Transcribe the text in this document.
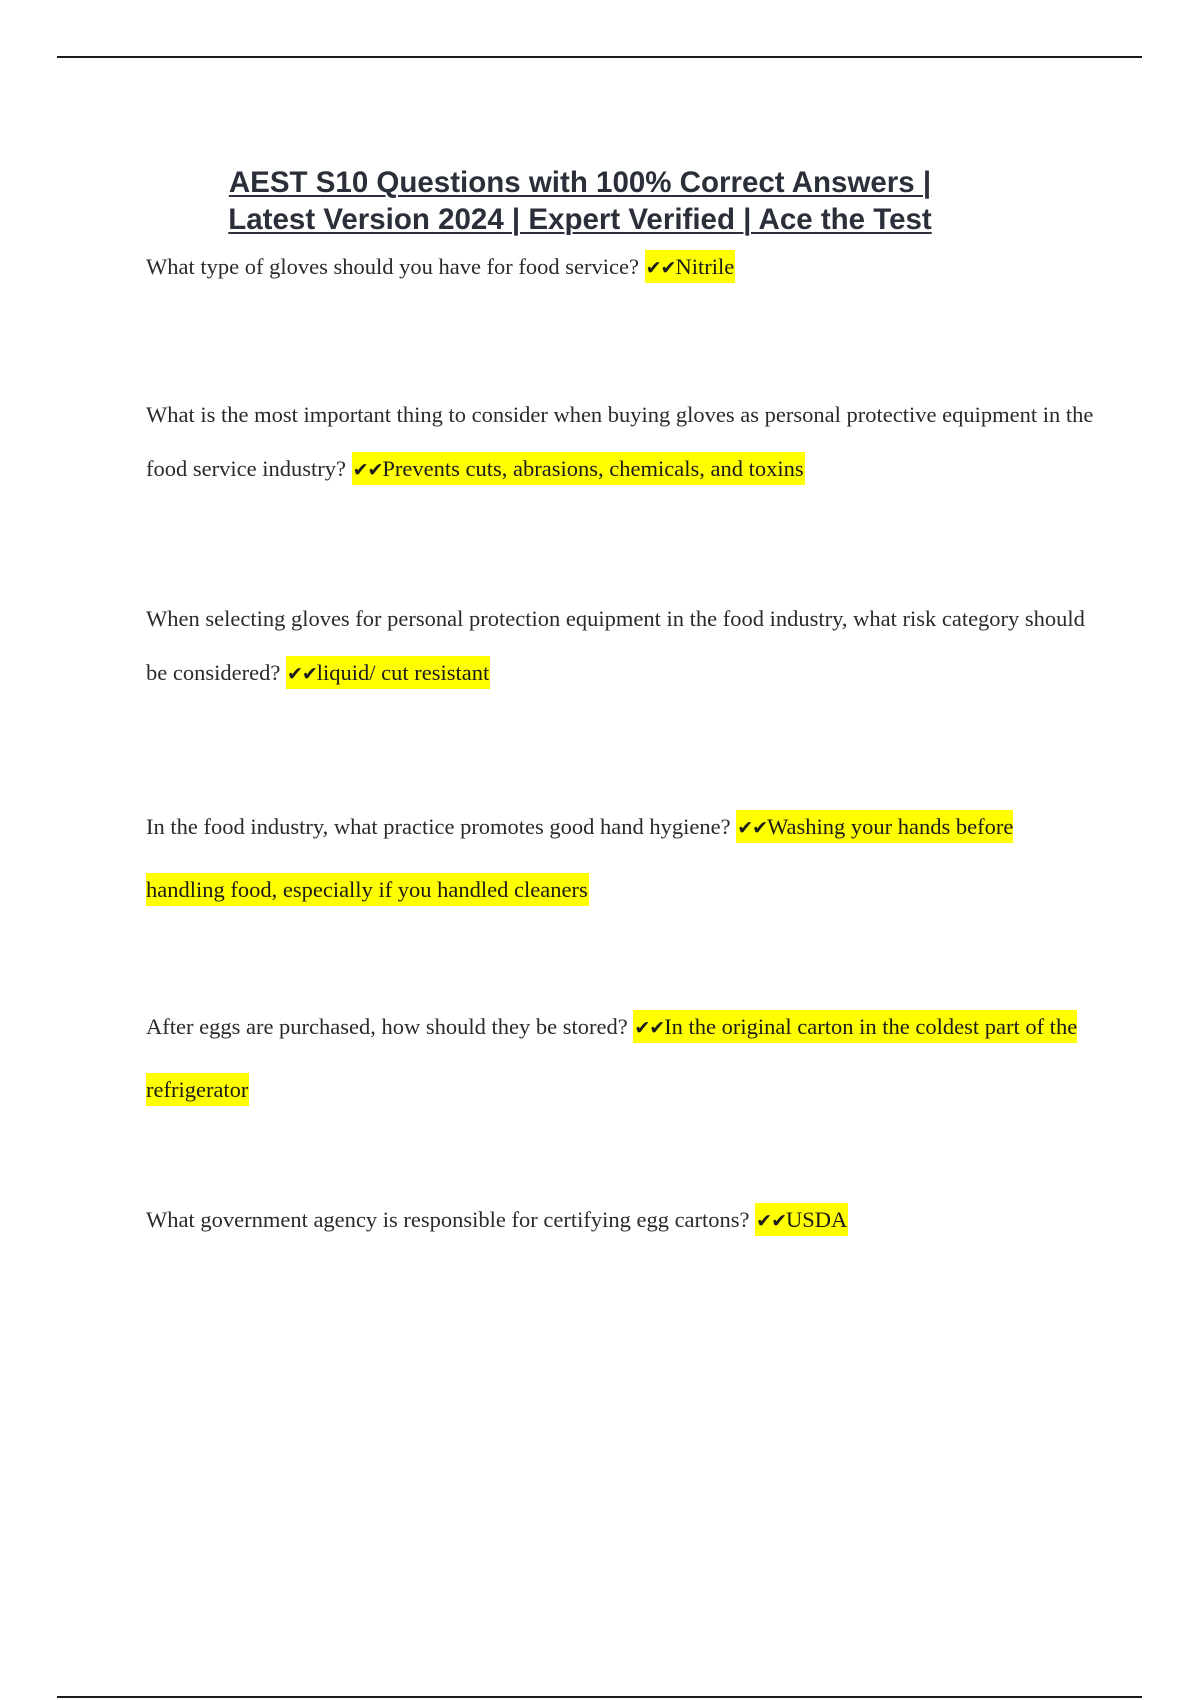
AEST S10 Questions with 100% Correct Answers |
Latest Version 2024 | Expert Verified | Ace the Test

What type of gloves should you have for food service? ✔✔Nitrile

What is the most important thing to consider when buying gloves as personal protective equipment in the food service industry? ✔✔Prevents cuts, abrasions, chemicals, and toxins

When selecting gloves for personal protection equipment in the food industry, what risk category should be considered? ✔✔liquid/ cut resistant

In the food industry, what practice promotes good hand hygiene? ✔✔Washing your hands before handling food, especially if you handled cleaners

After eggs are purchased, how should they be stored? ✔✔In the original carton in the coldest part of the refrigerator

What government agency is responsible for certifying egg cartons? ✔✔USDA
